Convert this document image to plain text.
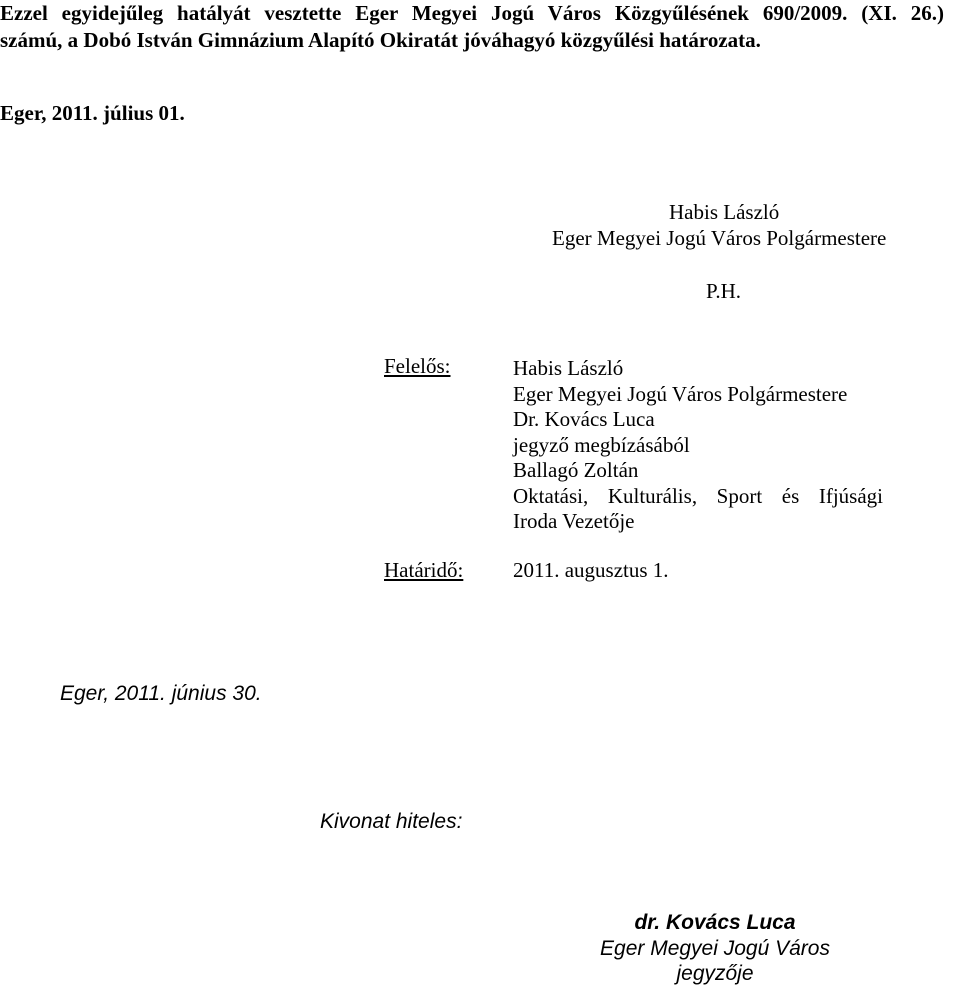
Ezzel egyidejűleg hatályát vesztette Eger Megyei Jogú Város Közgyűlésének 690/2009. (XI. 26.)
számú, a Dobó István Gimnázium Alapító Okiratát jóváhagyó közgyűlési határozata.

Eger, 2011. július 01.

Habis László

Eger Megyei Jogú Város Polgármestere

P.H.

Felelős:	Habis László
Eger Megyei Jogú Város Polgármestere
Dr. Kovács Luca
jegyző megbízásából
Ballagó Zoltán
Oktatási, Kulturális, Sport és Ifjúsági
Iroda Vezetője

Határidő: 2011. augusztus 1.

Eger, 2011. június 30.

Kivonat hiteles:

dr. Kovács Luca
Eger Megyei Jogú Város
jegyzője
